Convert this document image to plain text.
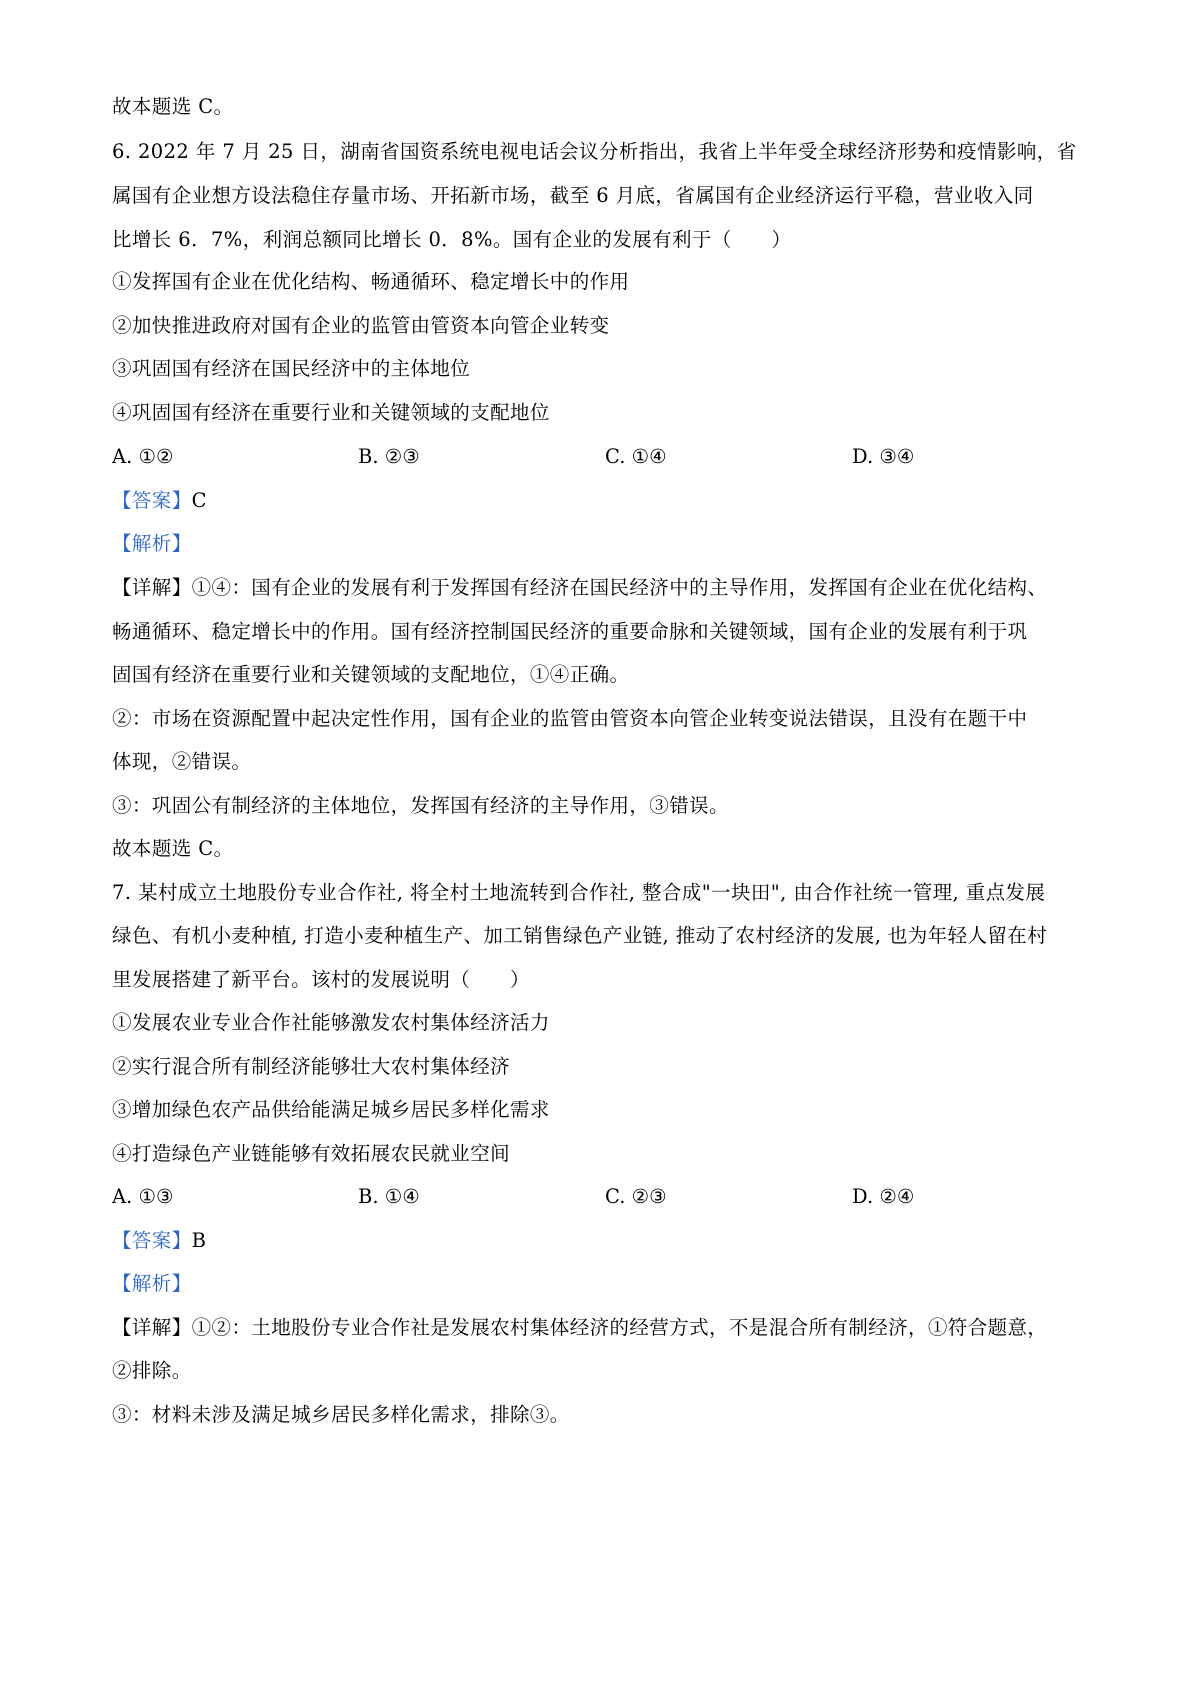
故本题选 C。
6. 2022 年 7 月 25 日，湖南省国资系统电视电话会议分析指出，我省上半年受全球经济形势和疫情影响，省
属国有企业想方设法稳住存量市场、开拓新市场，截至 6 月底，省属国有企业经济运行平稳，营业收入同
比增长 6．7%，利润总额同比增长 0．8%。国有企业的发展有利于（　　）
①发挥国有企业在优化结构、畅通循环、稳定增长中的作用
②加快推进政府对国有企业的监管由管资本向管企业转变
③巩固国有经济在国民经济中的主体地位
④巩固国有经济在重要行业和关键领域的支配地位
A. ①②	B. ②③	C. ①④	D. ③④
【答案】C
【解析】
【详解】①④：国有企业的发展有利于发挥国有经济在国民经济中的主导作用，发挥国有企业在优化结构、
畅通循环、稳定增长中的作用。国有经济控制国民经济的重要命脉和关键领域，国有企业的发展有利于巩
固国有经济在重要行业和关键领域的支配地位，①④正确。
②：市场在资源配置中起决定性作用，国有企业的监管由管资本向管企业转变说法错误，且没有在题干中
体现，②错误。
③：巩固公有制经济的主体地位，发挥国有经济的主导作用，③错误。
故本题选 C。
7. 某村成立土地股份专业合作社, 将全村土地流转到合作社, 整合成"一块田", 由合作社统一管理, 重点发展
绿色、有机小麦种植, 打造小麦种植生产、加工销售绿色产业链, 推动了农村经济的发展, 也为年轻人留在村
里发展搭建了新平台。该村的发展说明（　　）
①发展农业专业合作社能够激发农村集体经济活力
②实行混合所有制经济能够壮大农村集体经济
③增加绿色农产品供给能满足城乡居民多样化需求
④打造绿色产业链能够有效拓展农民就业空间
A. ①③	B. ①④	C. ②③	D. ②④
【答案】B
【解析】
【详解】①②：土地股份专业合作社是发展农村集体经济的经营方式，不是混合所有制经济，①符合题意，
②排除。
③：材料未涉及满足城乡居民多样化需求，排除③。
